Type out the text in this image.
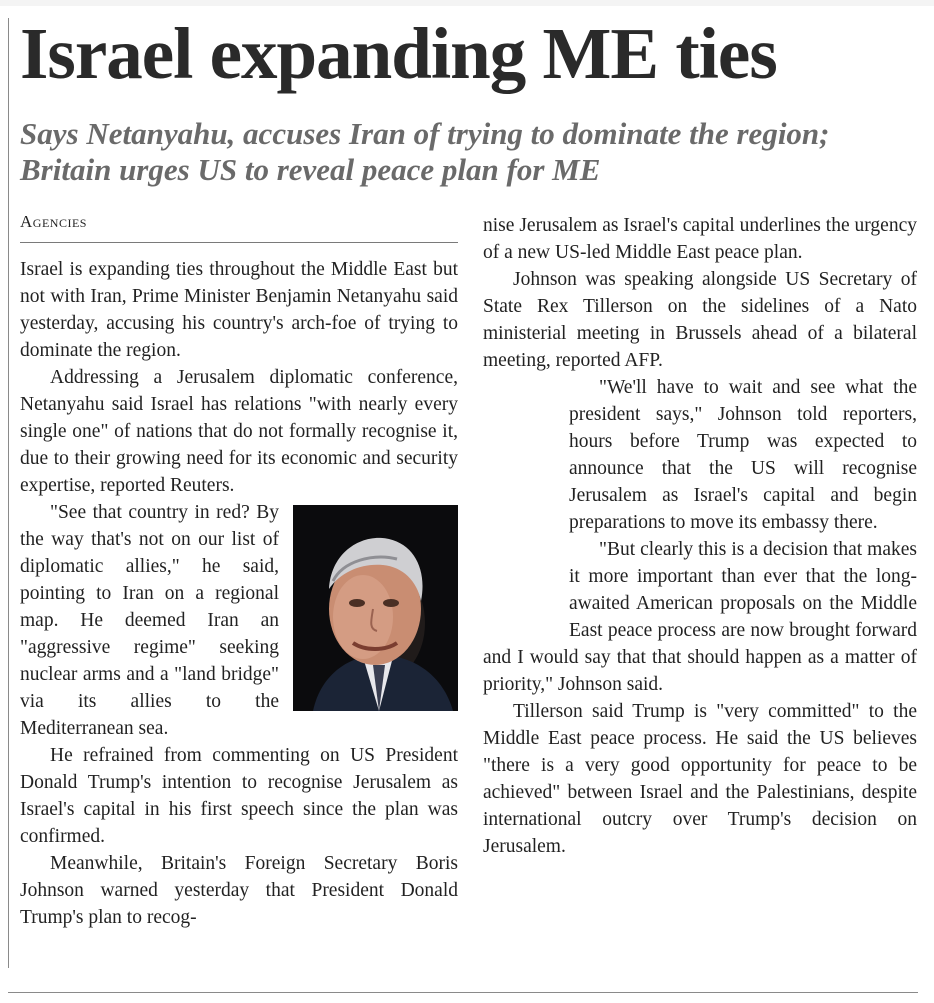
Israel expanding ME ties
Says Netanyahu, accuses Iran of trying to dominate the region; Britain urges US to reveal peace plan for ME
Agencies

Israel is expanding ties throughout the Middle East but not with Iran, Prime Minister Benjamin Netanyahu said yesterday, accusing his country's arch-foe of trying to dominate the region.

Addressing a Jerusalem diplomatic conference, Netanyahu said Israel has relations "with nearly every single one" of nations that do not formally recognise it, due to their growing need for its economic and security expertise, reported Reuters.

"See that country in red? By the way that's not on our list of diplomatic allies," he said, pointing to Iran on a regional map. He deemed Iran an "aggressive regime" seeking nuclear arms and a "land bridge" via its allies to the Mediterranean sea.

He refrained from commenting on US President Donald Trump's intention to recognise Jerusalem as Israel's capital in his first speech since the plan was confirmed.

Meanwhile, Britain's Foreign Secretary Boris Johnson warned yesterday that President Donald Trump's plan to recog-

nise Jerusalem as Israel's capital underlines the urgency of a new US-led Middle East peace plan.

Johnson was speaking alongside US Secretary of State Rex Tillerson on the sidelines of a Nato ministerial meeting in Brussels ahead of a bilateral meeting, reported AFP.

"We'll have to wait and see what the president says," Johnson told reporters, hours before Trump was expected to announce that the US will recognise Jerusalem as Israel's capital and begin preparations to move its embassy there.

"But clearly this is a decision that makes it more important than ever that the long-awaited American proposals on the Middle East peace process are now brought forward and I would say that that should happen as a matter of priority," Johnson said.

Tillerson said Trump is "very committed" to the Middle East peace process. He said the US believes "there is a very good opportunity for peace to be achieved" between Israel and the Palestinians, despite international outcry over Trump's decision on Jerusalem.
